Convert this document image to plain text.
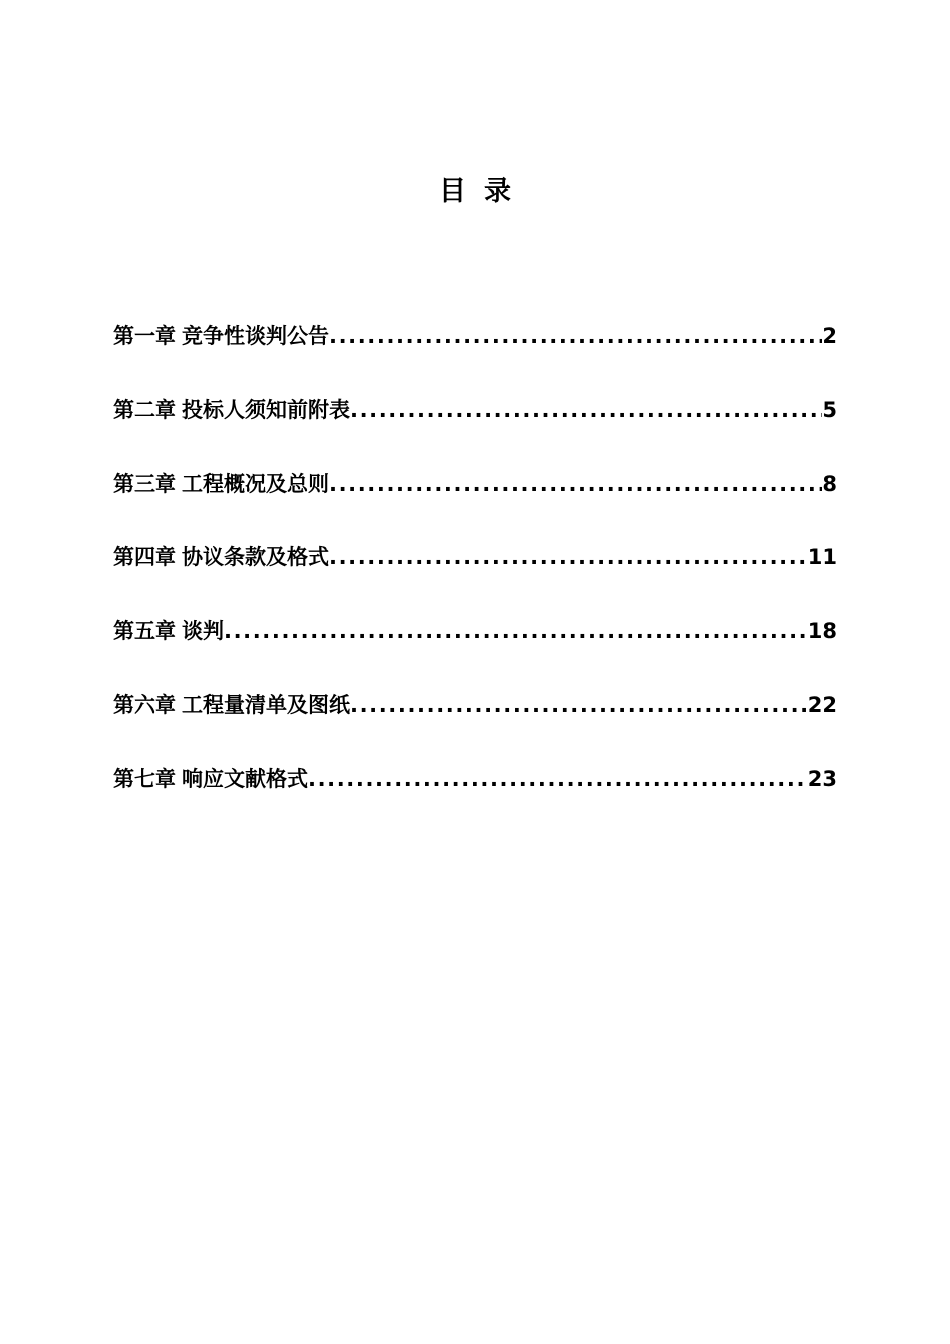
目 录
第一章 竞争性谈判公告 .....	2
第二章 投标人须知前附表 .....	5
第三章 工程概况及总则 .....	8
第四章 协议条款及格式 .....	11
第五章 谈判 .....	18
第六章 工程量清单及图纸 .....	22
第七章 响应文献格式 .....	23
